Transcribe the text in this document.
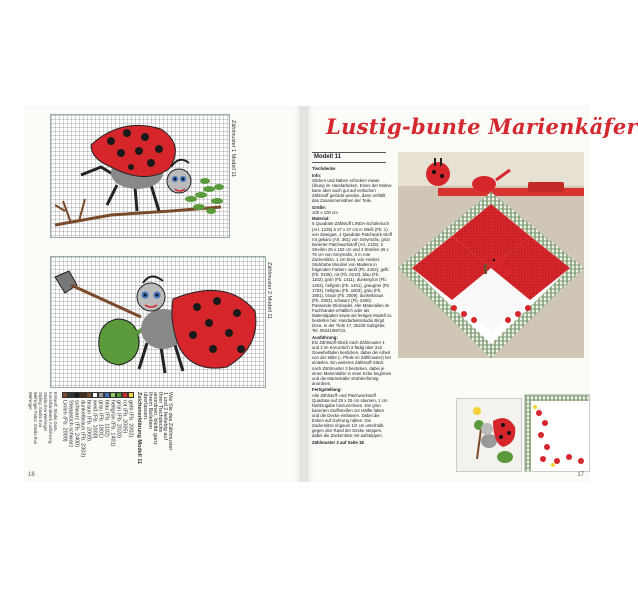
Zählmuster 1 Modell 11
Zählmuster 2 Modell 11
Wie Sie das Zählmuster 1 und 2 beliebig auf Ihrer Tischdecke anordnen, bleibt ganz Ihrem Belieben überlassen.
Zeichenerklärung Modell 11
gelb (Fb. 2002)
rot (Fb. 2005)
grün (Fb. 2020)
hellgrün (Fb. 1401)
blau (Fb. 1102)
grau (Fb. 1801)
weiß (Fb. 1000)
braun (Fb. 2009)
dunkelbraun (Fb. 2303)
schwarz (Fb. 2400)
Steppstich schwarz
Linien (Fb. 2009)
Entwurf: Studio Dora, Kunsthandwerk Ausführung: Studio Eva Wehinger Styling: Studio Eva Wehinger Fotos: Studio Eva Wehinger
16
Lustig-bunte Marienkäfer
Modell 11

Tischdecke

Info:

Sticken und Nähen erfordern etwas Übung im Handarbeiten. Eines der Motive kann aber auch gut auf einfachen Zählstoff gestickt werden, dann entfällt das Zusammennähen der Teile.

Größe:

100 x 100 cm

Material:

5 Quadrate Zählstoff LINDA-Schülertuch (Art. 1235) à 27 x 27 cm in Weiß (Fb. 1) von Zweigart, 4 Quadrate Patchwork-Stoff rot gekaro (Art. 361) von Smyrnafix, grün karierter Patchworkstoff (Art. 2115): 2 Streifen 26 x 102 cm und 2 Streifen 26 x 76 cm von Smyrnafix, 3 m rote Zackenlitze, 1 cm breit, von Henkel. Stickfarbe Mouliné von Madeira in folgenden Farben: weiß (Fb. 2402), gelb (Fb. 0105), rot (Fb. 0210), blau (Fb. 1102), grün (Fb. 1411), dunkelgrün (Fb. 1403), hellgrün (Fb. 1401), graugrün (Fb. 1702), hellgrau (Fb. 1803), grau (Fb. 1801), braun (Fb. 2009), dunkelbraun (Fb. 2303), schwarz (Fb. 2400). Passende Sticknadel. Alle Materialien im Fachhandel erhältlich oder als Materialpaket sowie als fertiges Modell zu bestellen bei: Handarbeitsstudio Birgit Dora, In der Tiefe 17, 35228 Salzgitter, Tel. 05341/59723.

Ausführung:

Ein Zählstoff-Stück nach Zählmuster 1 und 2 im Kreuzstich 2-fädig über 2x2 Gewebefäden besticken, dabei die Arbeit von der Mitte (= Pfeile im Zählmuster) her einteilen. Ein weiteres Zählstoff-Stück nach Zählmuster 3 besticken, dabei je einen Marienkäfer in einer Ecke beginnen und die Marienkäfer strahlenförmig anordnen.

Fertigstellung:

Alle Zählstoff- und Patchworkstoff Quadrate auf 25 x 25 cm säumen, 1 cm Nahtzugabe hinzurechnen. Die grün karierten Stoffstreifen zur Hälfte falten und die Decke einfassen. Dabei die Ecken auf Gehrung nähen. Die Zackenlitze ringsum 1/2 cm unterhalb gegen den Rand der Decke steppen, dabei die Zackenlitze mit aufsteppen.

Zählmuster 3 auf Seite 18

17
